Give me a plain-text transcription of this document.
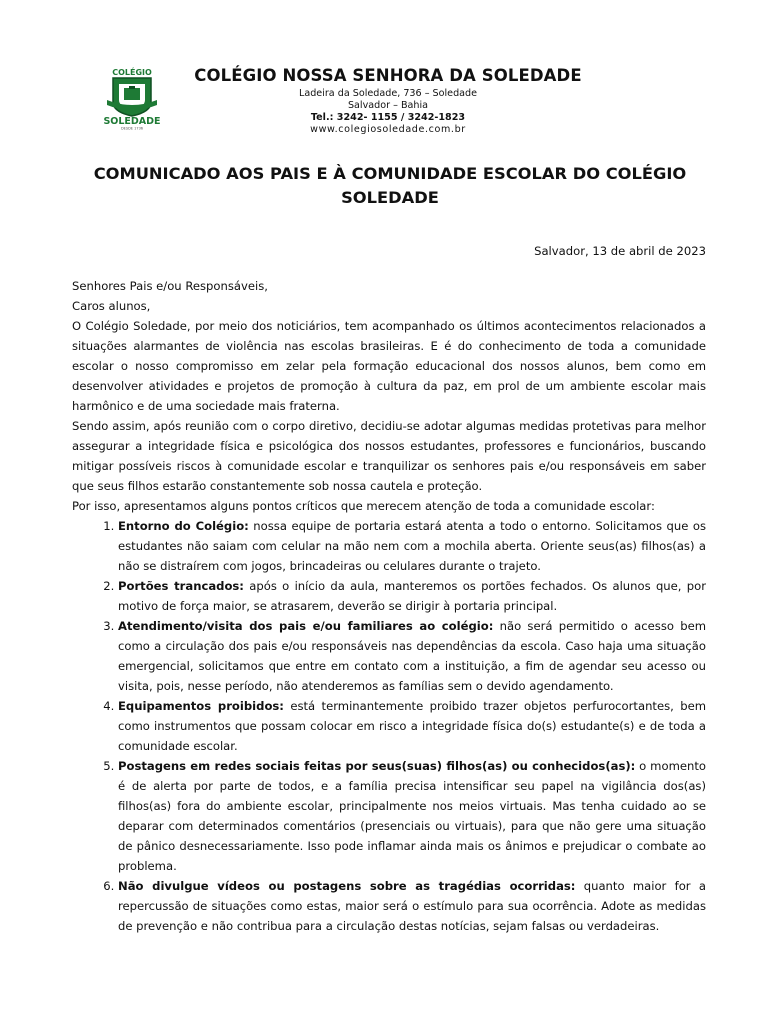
COLÉGIO
SOLEDADE
DESDE 1736
COLÉGIO NOSSA SENHORA DA SOLEDADE
Ladeira da Soledade, 736 – Soledade
Salvador – Bahia
Tel.: 3242- 1155 / 3242-1823
www.colegiosoledade.com.br
COMUNICADO AOS PAIS E À COMUNIDADE ESCOLAR DO COLÉGIO SOLEDADE
Salvador, 13 de abril de 2023

Senhores Pais e/ou Responsáveis,

Caros alunos,

O Colégio Soledade, por meio dos noticiários, tem acompanhado os últimos acontecimentos relacionados a situações alarmantes de violência nas escolas brasileiras. E é do conhecimento de toda a comunidade escolar o nosso compromisso em zelar pela formação educacional dos nossos alunos, bem como em desenvolver atividades e projetos de promoção à cultura da paz, em prol de um ambiente escolar mais harmônico e de uma sociedade mais fraterna.

Sendo assim, após reunião com o corpo diretivo, decidiu-se adotar algumas medidas protetivas para melhor assegurar a integridade física e psicológica dos nossos estudantes, professores e funcionários, buscando mitigar possíveis riscos à comunidade escolar e tranquilizar os senhores pais e/ou responsáveis em saber que seus filhos estarão constantemente sob nossa cautela e proteção.

Por isso, apresentamos alguns pontos críticos que merecem atenção de toda a comunidade escolar:

1. Entorno do Colégio: nossa equipe de portaria estará atenta a todo o entorno. Solicitamos que os estudantes não saiam com celular na mão nem com a mochila aberta. Oriente seus(as) filhos(as) a não se distraírem com jogos, brincadeiras ou celulares durante o trajeto.
2. Portões trancados: após o início da aula, manteremos os portões fechados. Os alunos que, por motivo de força maior, se atrasarem, deverão se dirigir à portaria principal.
3. Atendimento/visita dos pais e/ou familiares ao colégio: não será permitido o acesso bem como a circulação dos pais e/ou responsáveis nas dependências da escola. Caso haja uma situação emergencial, solicitamos que entre em contato com a instituição, a fim de agendar seu acesso ou visita, pois, nesse período, não atenderemos as famílias sem o devido agendamento.
4. Equipamentos proibidos: está terminantemente proibido trazer objetos perfurocortantes, bem como instrumentos que possam colocar em risco a integridade física do(s) estudante(s) e de toda a comunidade escolar.
5. Postagens em redes sociais feitas por seus(suas) filhos(as) ou conhecidos(as): o momento é de alerta por parte de todos, e a família precisa intensificar seu papel na vigilância dos(as) filhos(as) fora do ambiente escolar, principalmente nos meios virtuais. Mas tenha cuidado ao se deparar com determinados comentários (presenciais ou virtuais), para que não gere uma situação de pânico desnecessariamente. Isso pode inflamar ainda mais os ânimos e prejudicar o combate ao problema.
6. Não divulgue vídeos ou postagens sobre as tragédias ocorridas: quanto maior for a repercussão de situações como estas, maior será o estímulo para sua ocorrência. Adote as medidas de prevenção e não contribua para a circulação destas notícias, sejam falsas ou verdadeiras.
